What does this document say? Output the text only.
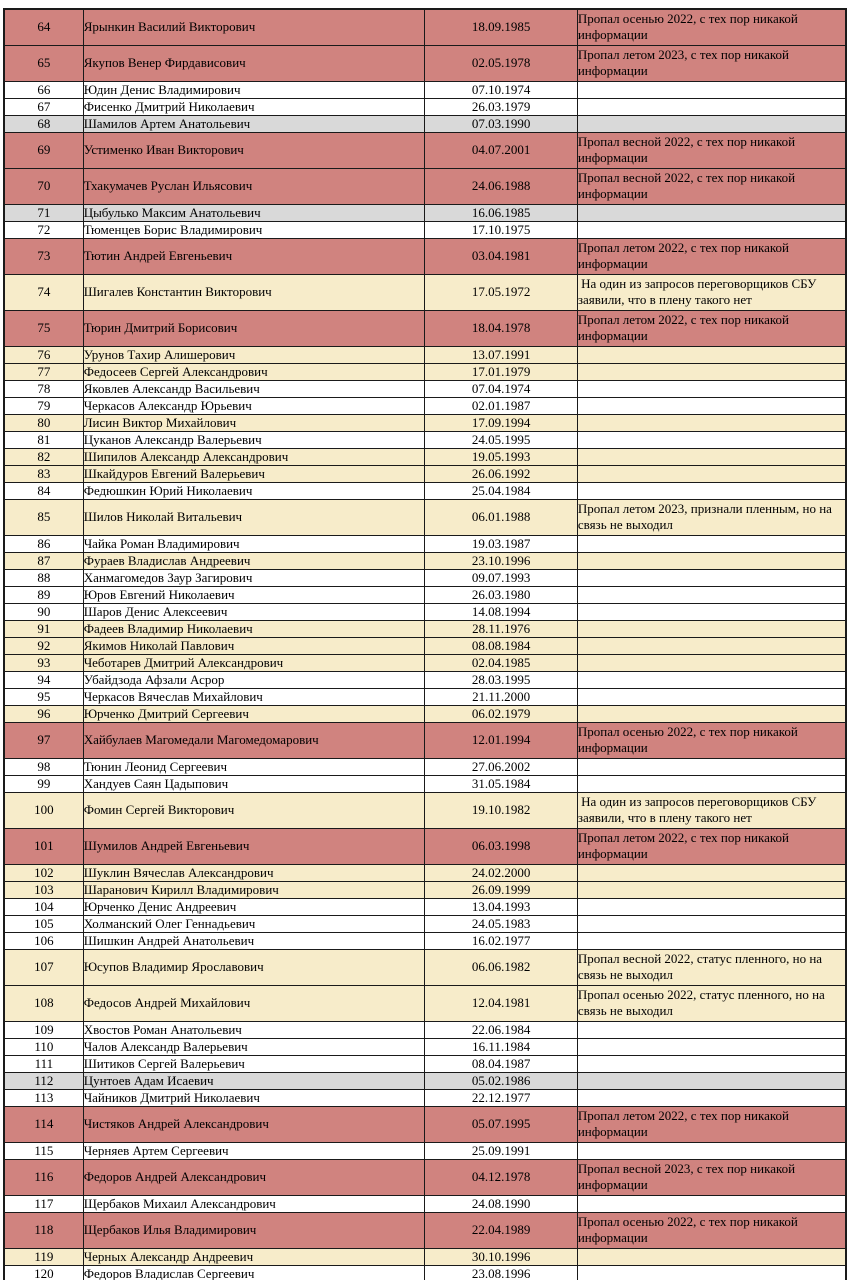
64	Ярынкин Василий Викторович	18.09.1985	Пропал осенью 2022, с тех пор никакой информации
65	Якупов Венер Фирдависович	02.05.1978	Пропал летом 2023, с тех пор никакой информации
66	Юдин Денис Владимирович	07.10.1974	
67	Фисенко Дмитрий Николаевич	26.03.1979	
68	Шамилов Артем Анатольевич	07.03.1990	
69	Устименко Иван Викторович	04.07.2001	Пропал весной 2022, с тех пор никакой информации
70	Тхакумачев Руслан Ильясович	24.06.1988	Пропал весной 2022, с тех пор никакой информации
71	Цыбулько Максим Анатольевич	16.06.1985	
72	Тюменцев Борис Владимирович	17.10.1975	
73	Тютин Андрей Евгеньевич	03.04.1981	Пропал летом 2022, с тех пор никакой информации
74	Шигалев Константин Викторович	17.05.1972	На один из запросов переговорщиков СБУ заявили, что в плену такого нет
75	Тюрин Дмитрий Борисович	18.04.1978	Пропал летом 2022, с тех пор никакой информации
76	Урунов Тахир Алишерович	13.07.1991	
77	Федосеев Сергей Александрович	17.01.1979	
78	Яковлев Александр Васильевич	07.04.1974	
79	Черкасов Александр Юрьевич	02.01.1987	
80	Лисин Виктор Михайлович	17.09.1994	
81	Цуканов Александр Валерьевич	24.05.1995	
82	Шипилов Александр Александрович	19.05.1993	
83	Шкайдуров Евгений Валерьевич	26.06.1992	
84	Федюшкин Юрий Николаевич	25.04.1984	
85	Шилов Николай Витальевич	06.01.1988	Пропал летом 2023, признали пленным, но на связь не выходил
86	Чайка Роман Владимирович	19.03.1987	
87	Фураев Владислав Андреевич	23.10.1996	
88	Ханмагомедов Заур Загирович	09.07.1993	
89	Юров Евгений Николаевич	26.03.1980	
90	Шаров Денис Алексеевич	14.08.1994	
91	Фадеев Владимир Николаевич	28.11.1976	
92	Якимов Николай Павлович	08.08.1984	
93	Чеботарев Дмитрий Александрович	02.04.1985	
94	Убайдзода Афзали Асрор	28.03.1995	
95	Черкасов Вячеслав Михайлович	21.11.2000	
96	Юрченко Дмитрий Сергеевич	06.02.1979	
97	Хайбулаев Магомедали Магомедомарович	12.01.1994	Пропал осенью 2022, с тех пор никакой информации
98	Тюнин Леонид Сергеевич	27.06.2002	
99	Хандуев Саян Цадыпович	31.05.1984	
100	Фомин Сергей Викторович	19.10.1982	На один из запросов переговорщиков СБУ заявили, что в плену такого нет
101	Шумилов Андрей Евгеньевич	06.03.1998	Пропал летом 2022, с тех пор никакой информации
102	Шуклин Вячеслав Александрович	24.02.2000	
103	Шаранович Кирилл Владимирович	26.09.1999	
104	Юрченко Денис Андреевич	13.04.1993	
105	Холманский Олег Геннадьевич	24.05.1983	
106	Шишкин Андрей Анатольевич	16.02.1977	
107	Юсупов Владимир Ярославович	06.06.1982	Пропал весной 2022, статус пленного, но на связь не выходил
108	Федосов Андрей Михайлович	12.04.1981	Пропал осенью 2022, статус пленного, но на связь не выходил
109	Хвостов Роман Анатольевич	22.06.1984	
110	Чалов Александр Валерьевич	16.11.1984	
111	Шитиков Сергей Валерьевич	08.04.1987	
112	Цунтоев Адам Исаевич	05.02.1986	
113	Чайников Дмитрий Николаевич	22.12.1977	
114	Чистяков Андрей Александрович	05.07.1995	Пропал летом 2022, с тех пор никакой информации
115	Черняев Артем Сергеевич	25.09.1991	
116	Федоров Андрей Александрович	04.12.1978	Пропал весной 2023, с тех пор никакой информации
117	Щербаков Михаил Александрович	24.08.1990	
118	Щербаков Илья Владимирович	22.04.1989	Пропал осенью 2022, с тех пор никакой информации
119	Черных Александр Андреевич	30.10.1996	
120	Федоров Владислав Сергеевич	23.08.1996	
